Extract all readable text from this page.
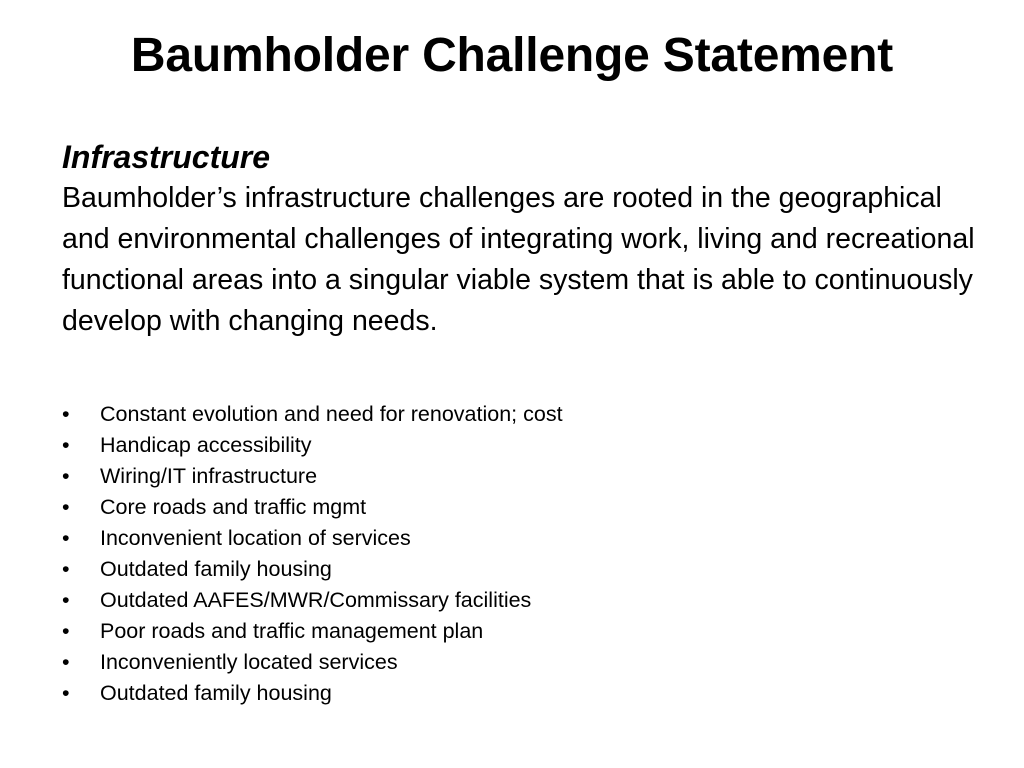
Baumholder Challenge Statement
Infrastructure

Baumholder’s infrastructure challenges are rooted in the geographical and environmental challenges of integrating work, living and recreational functional areas into a singular viable system that is able to continuously develop with changing needs.

•	Constant evolution and need for renovation; cost
•	Handicap accessibility
•	Wiring/IT infrastructure
•	Core roads and traffic mgmt
•	Inconvenient location of services
•	Outdated family housing
•	Outdated AAFES/MWR/Commissary facilities
•	Poor roads and traffic management plan
•	Inconveniently located services
•	Outdated family housing
